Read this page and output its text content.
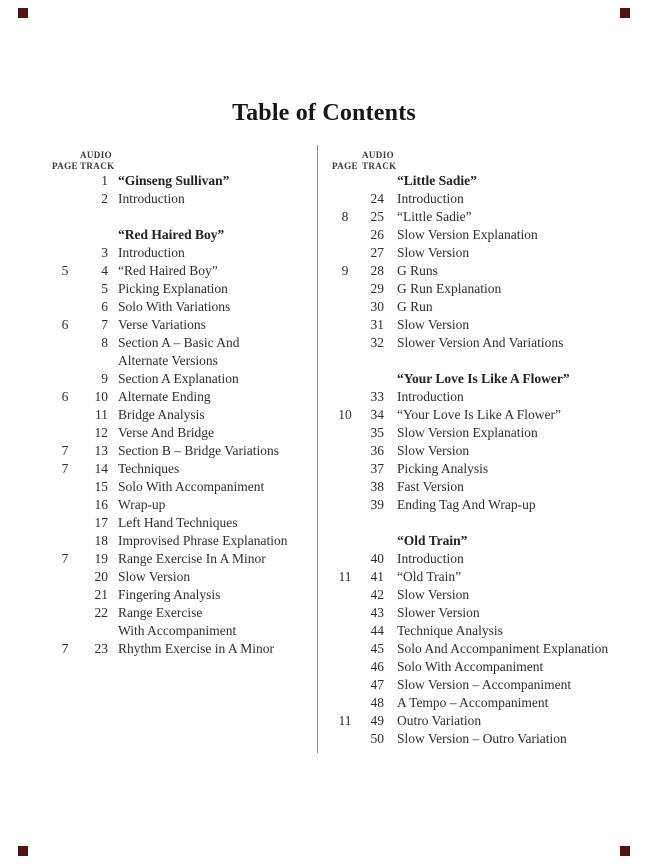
Table of Contents
PAGE
AUDIO
TRACK
1 “Ginseng Sullivan”
2 Introduction
“Red Haired Boy”
3 Introduction
5	4 “Red Haired Boy”
5 Picking Explanation
6 Solo With Variations
6	7 Verse Variations
8 Section A – Basic And
Alternate Versions
9 Section A Explanation
6	10 Alternate Ending
11 Bridge Analysis
12 Verse And Bridge
7	13 Section B – Bridge Variations
7	14 Techniques
15 Solo With Accompaniment
16 Wrap-up
17 Left Hand Techniques
18 Improvised Phrase Explanation
7	19 Range Exercise In A Minor
20 Slow Version
21 Fingering Analysis
22 Range Exercise
With Accompaniment
7	23 Rhythm Exercise in A Minor
PAGE
AUDIO
TRACK
“Little Sadie”
24 Introduction
8	25 “Little Sadie”
26 Slow Version Explanation
27 Slow Version
9	28 G Runs
29 G Run Explanation
30 G Run
31 Slow Version
32 Slower Version And Variations
“Your Love Is Like A Flower”
33 Introduction
10	34 “Your Love Is Like A Flower”
35 Slow Version Explanation
36 Slow Version
37 Picking Analysis
38 Fast Version
39 Ending Tag And Wrap-up
“Old Train”
40 Introduction
11	41 “Old Train”
42 Slow Version
43 Slower Version
44 Technique Analysis
45 Solo And Accompaniment Explanation
46 Solo With Accompaniment
47 Slow Version – Accompaniment
48 A Tempo – Accompaniment
11	49 Outro Variation
50 Slow Version – Outro Variation
